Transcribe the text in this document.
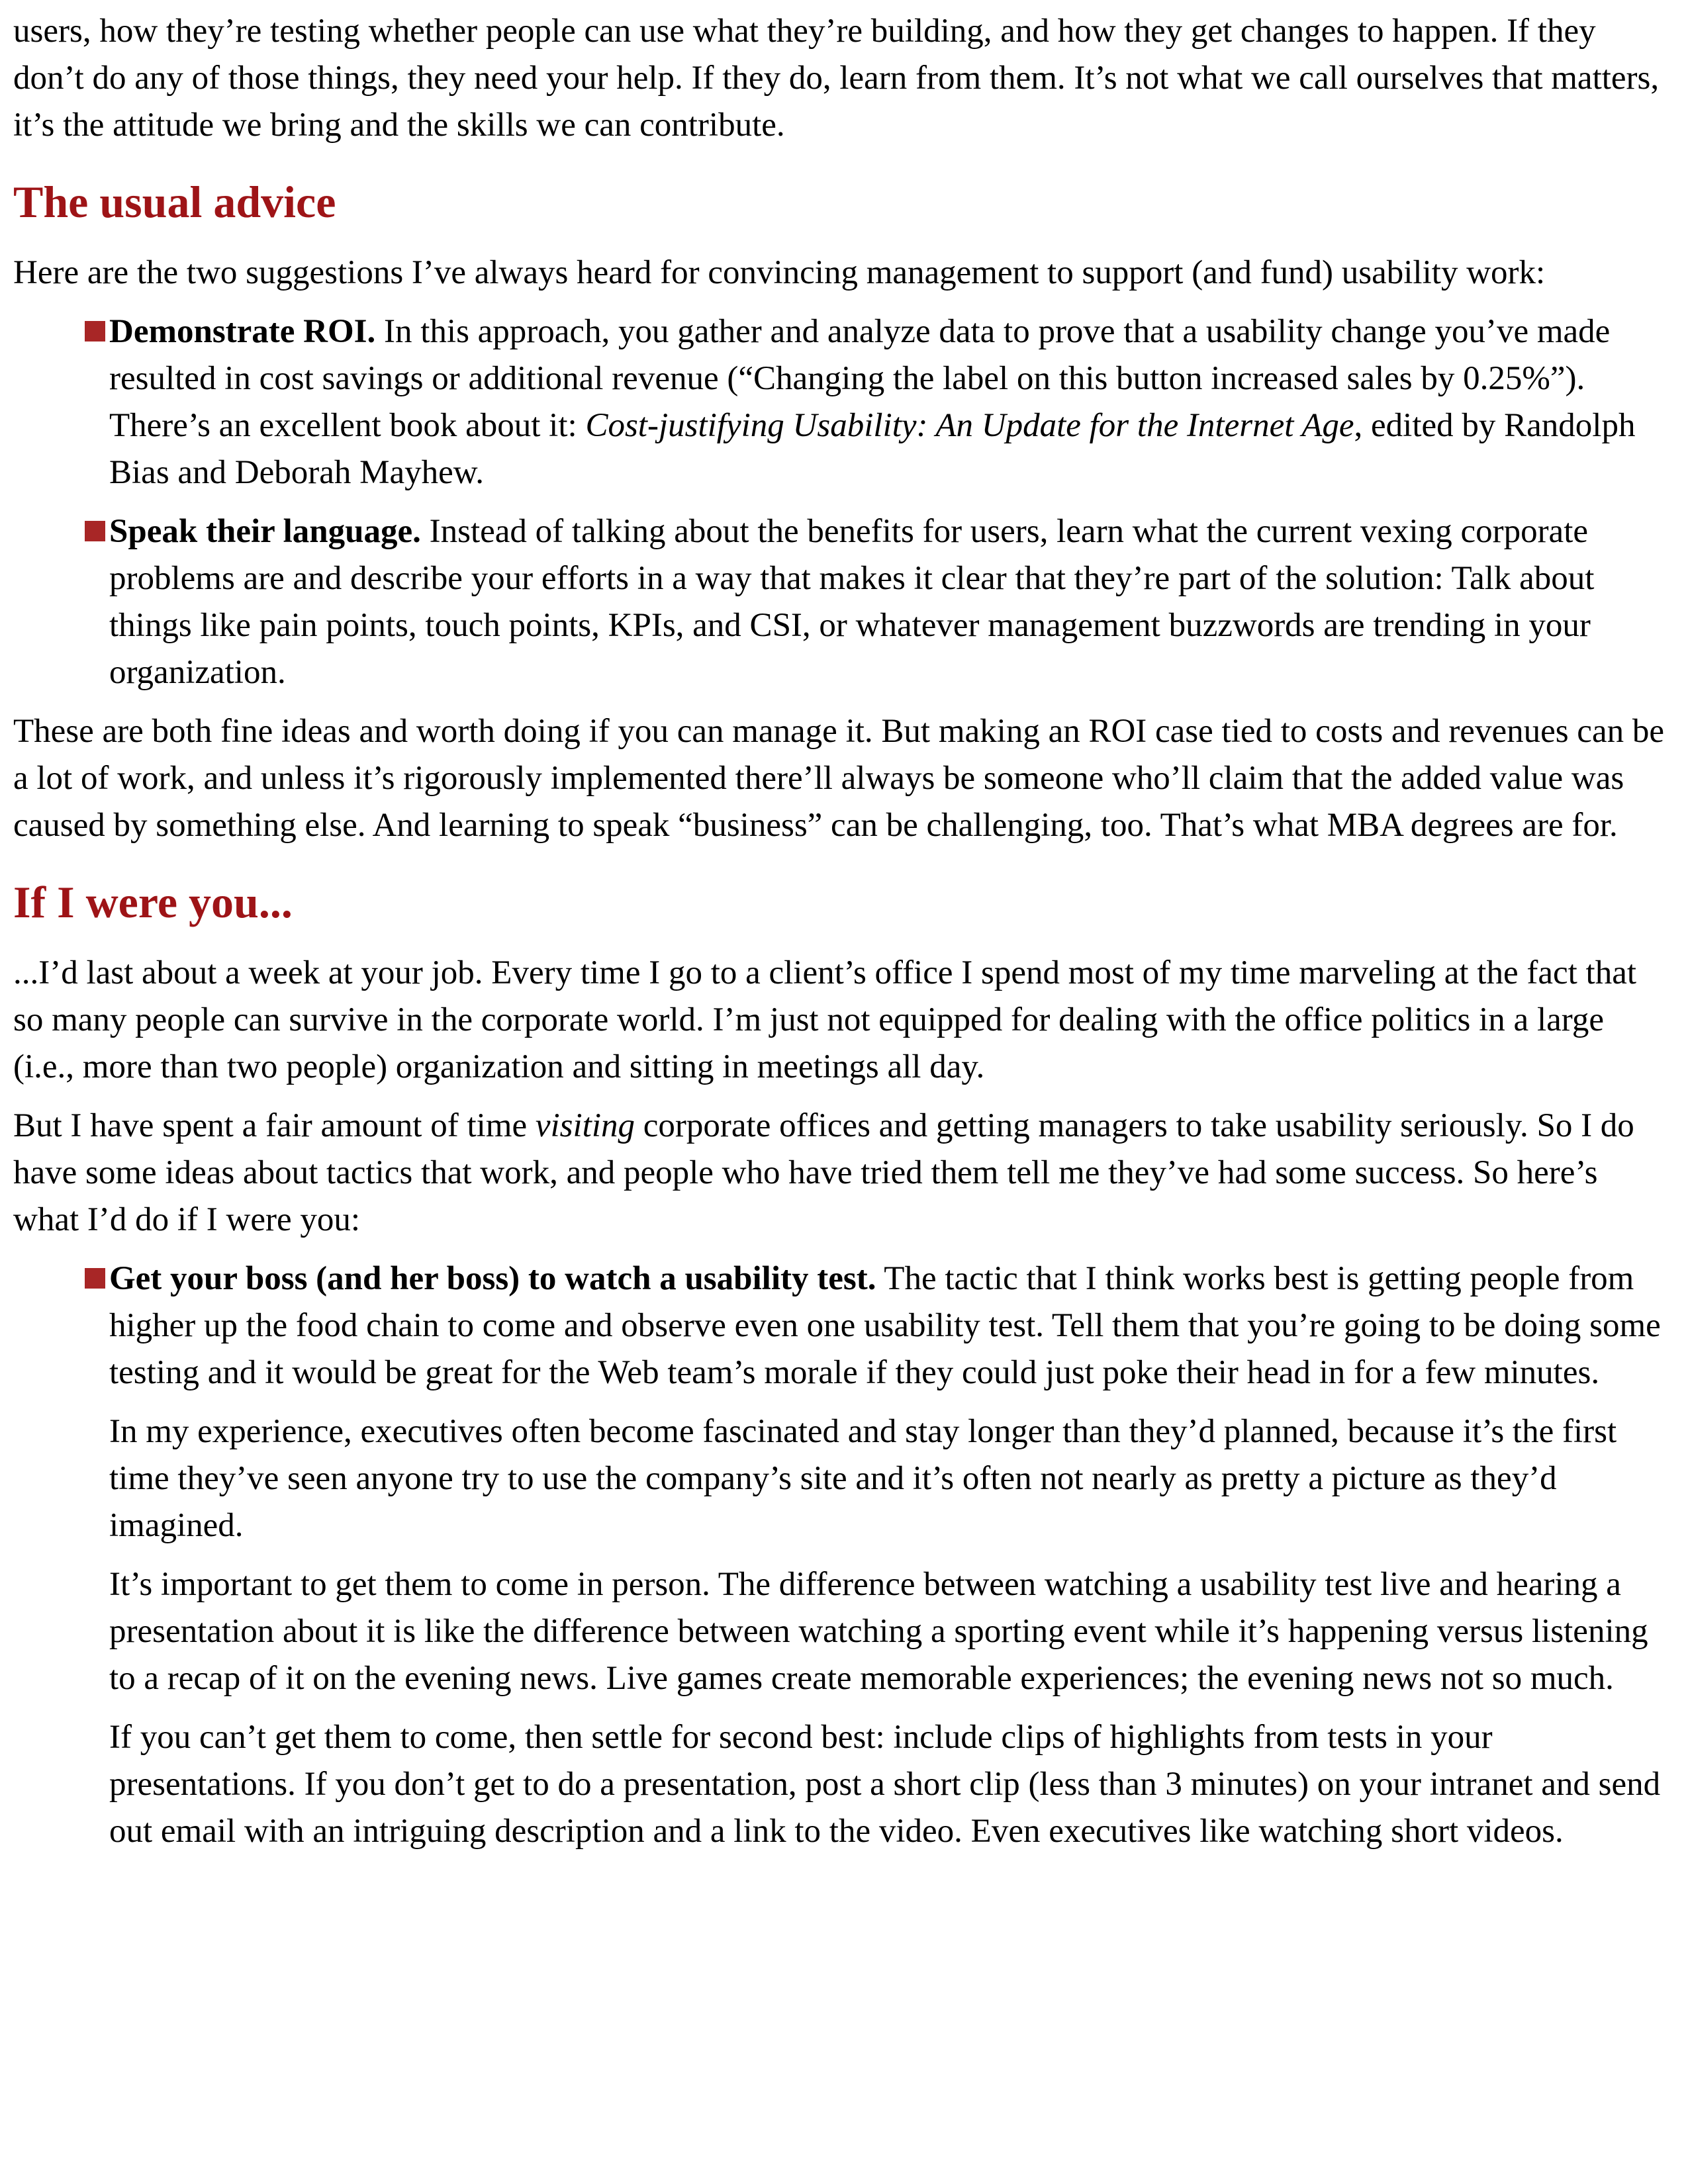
users, how they’re testing whether people can use what they’re building, and how they get changes to happen. If they don’t do any of those things, they need your help. If they do, learn from them. It’s not what we call ourselves that matters, it’s the attitude we bring and the skills we can contribute.

The usual advice

Here are the two suggestions I’ve always heard for convincing management to support (and fund) usability work:

Demonstrate ROI. In this approach, you gather and analyze data to prove that a usability change you’ve made resulted in cost savings or additional revenue (“Changing the label on this button increased sales by 0.25%”). There’s an excellent book about it: Cost-justifying Usability: An Update for the Internet Age, edited by Randolph Bias and Deborah Mayhew.
Speak their language. Instead of talking about the benefits for users, learn what the current vexing corporate problems are and describe your efforts in a way that makes it clear that they’re part of the solution: Talk about things like pain points, touch points, KPIs, and CSI, or whatever management buzzwords are trending in your organization.

These are both fine ideas and worth doing if you can manage it. But making an ROI case tied to costs and revenues can be a lot of work, and unless it’s rigorously implemented there’ll always be someone who’ll claim that the added value was caused by something else. And learning to speak “business” can be challenging, too. That’s what MBA degrees are for.

If I were you...

...I’d last about a week at your job. Every time I go to a client’s office I spend most of my time marveling at the fact that so many people can survive in the corporate world. I’m just not equipped for dealing with the office politics in a large (i.e., more than two people) organization and sitting in meetings all day.

But I have spent a fair amount of time visiting corporate offices and getting managers to take usability seriously. So I do have some ideas about tactics that work, and people who have tried them tell me they’ve had some success. So here’s what I’d do if I were you:

Get your boss (and her boss) to watch a usability test. The tactic that I think works best is getting people from higher up the food chain to come and observe even one usability test. Tell them that you’re going to be doing some testing and it would be great for the Web team’s morale if they could just poke their head in for a few minutes.

In my experience, executives often become fascinated and stay longer than they’d planned, because it’s the first time they’ve seen anyone try to use the company’s site and it’s often not nearly as pretty a picture as they’d imagined.

It’s important to get them to come in person. The difference between watching a usability test live and hearing a presentation about it is like the difference between watching a sporting event while it’s happening versus listening to a recap of it on the evening news. Live games create memorable experiences; the evening news not so much.

If you can’t get them to come, then settle for second best: include clips of highlights from tests in your presentations. If you don’t get to do a presentation, post a short clip (less than 3 minutes) on your intranet and send out email with an intriguing description and a link to the video. Even executives like watching short videos.
